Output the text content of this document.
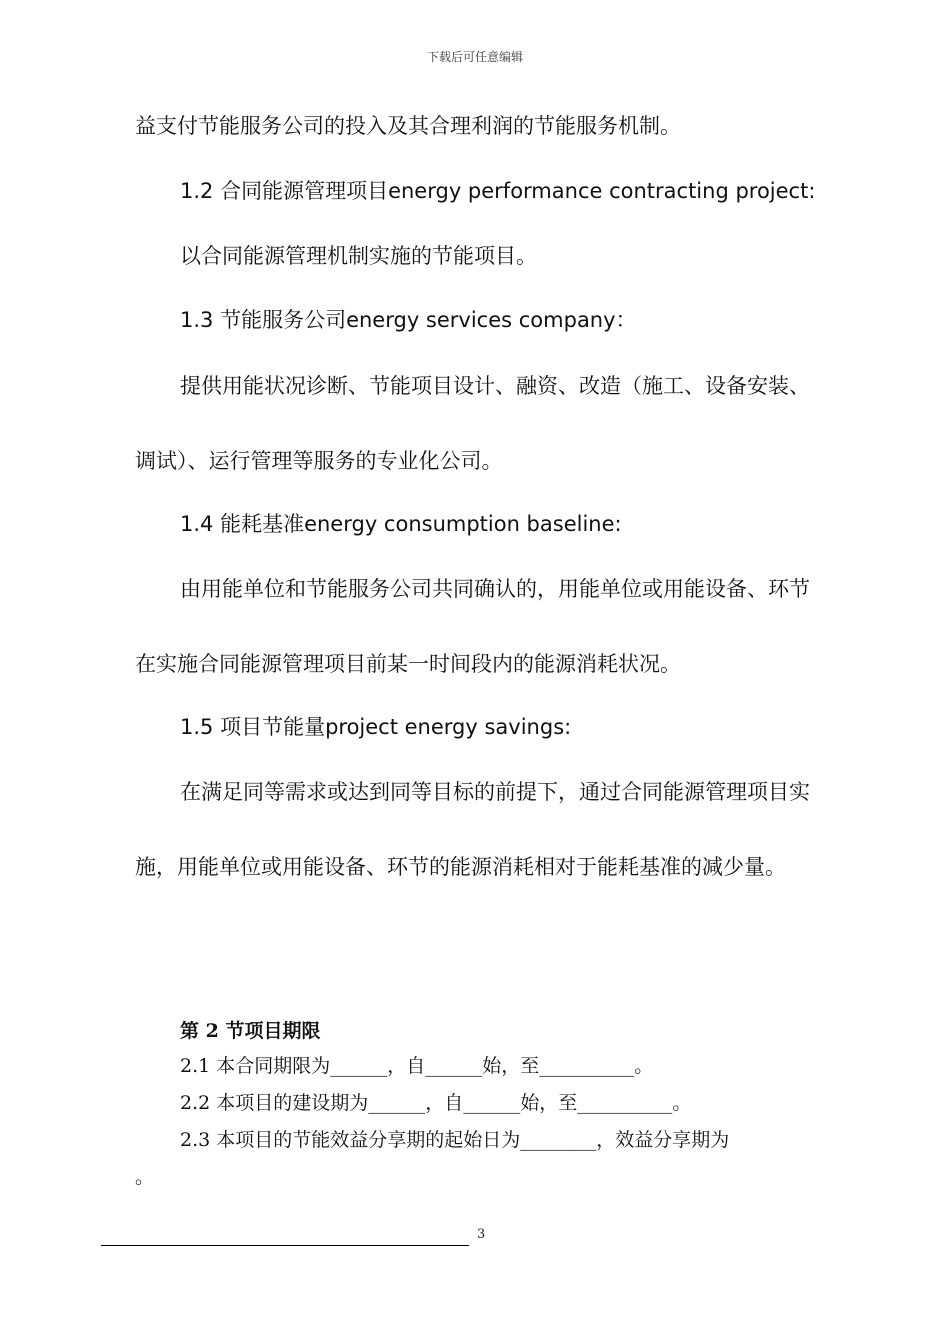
下载后可任意编辑
益支付节能服务公司的投入及其合理利润的节能服务机制。
1.2 合同能源管理项目energy performance contracting project:
以合同能源管理机制实施的节能项目。
1.3 节能服务公司energy services company：
提供用能状况诊断、节能项目设计、融资、改造（施工、设备安装、
调试）、运行管理等服务的专业化公司。
1.4 能耗基准energy consumption baseline:
由用能单位和节能服务公司共同确认的，用能单位或用能设备、环节
在实施合同能源管理项目前某一时间段内的能源消耗状况。
1.5 项目节能量project energy savings:
在满足同等需求或达到同等目标的前提下，通过合同能源管理项目实
施，用能单位或用能设备、环节的能源消耗相对于能耗基准的减少量。
第 2 节项目期限
2.1 本合同期限为______，自______始，至__________。
2.2 本项目的建设期为______，自______始，至__________。
2.3 本项目的节能效益分享期的起始日为________，效益分享期为
。
3
